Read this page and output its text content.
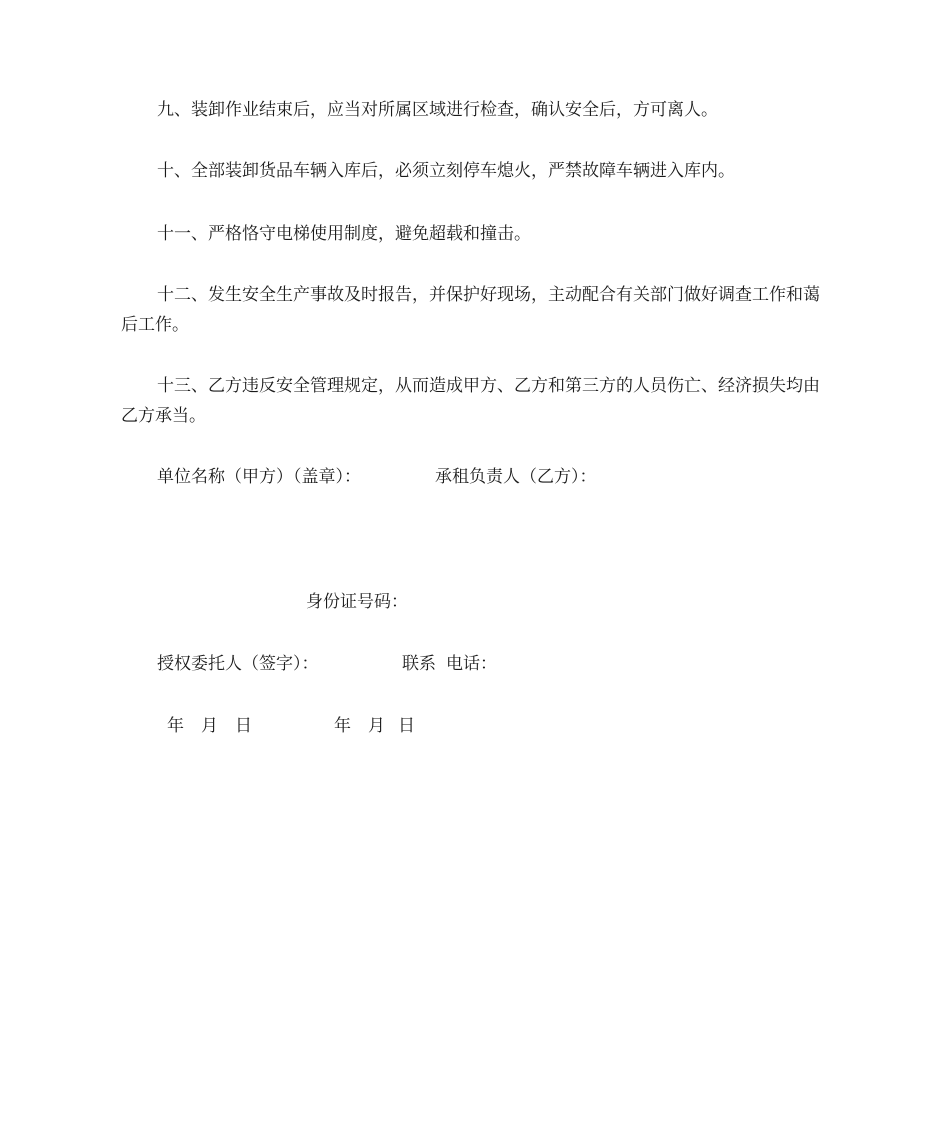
九、装卸作业结束后，应当对所属区域进行检查，确认安全后，方可离人。

十、全部装卸货品车辆入库后，必须立刻停车熄火，严禁故障车辆进入库内。

十一、严格恪守电梯使用制度，避免超载和撞击。

十二、发生安全生产事故及时报告，并保护好现场，主动配合有关部门做好调查工作和蔼后工作。

十三、乙方违反安全管理规定，从而造成甲方、乙方和第三方的人员伤亡、经济损失均由乙方承当。

单位名称（甲方）（盖章）：	承租负责人（乙方）：
身份证号码：
授权委托人（签字）：	联系 电话：
年 月 日	年 月 日
